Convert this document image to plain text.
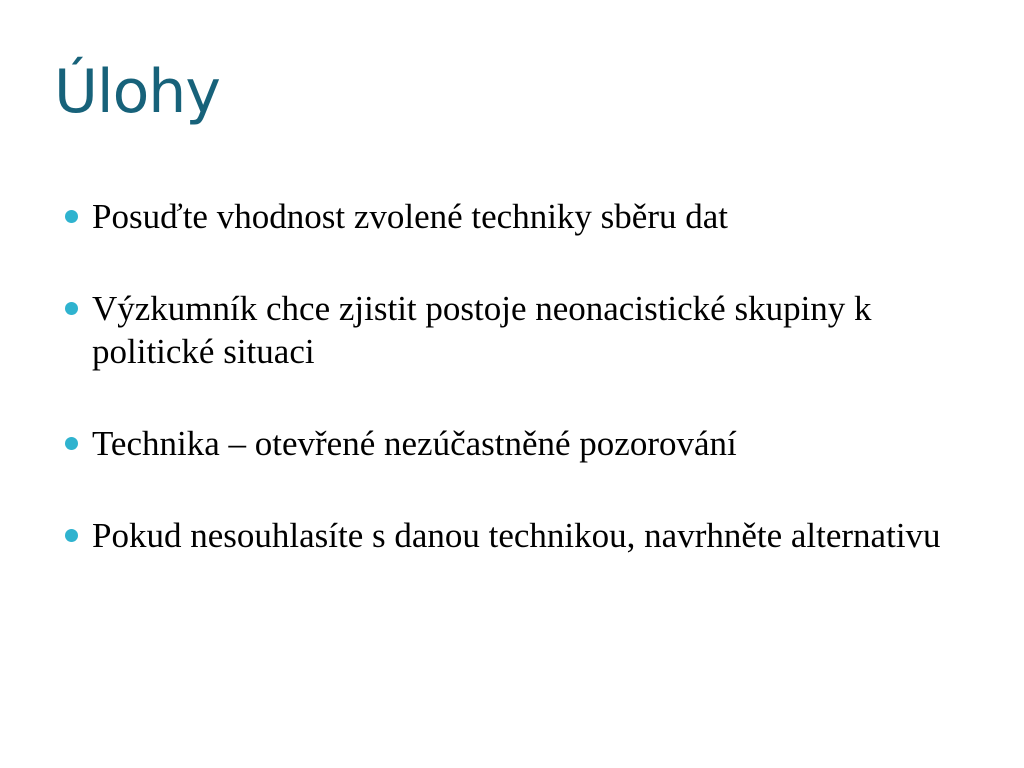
Úlohy
Posuďte vhodnost zvolené techniky sběru dat
Výzkumník chce zjistit postoje neonacistické skupiny k politické situaci
Technika – otevřené nezúčastněné pozorování
Pokud nesouhlasíte s danou technikou, navrhněte alternativu
